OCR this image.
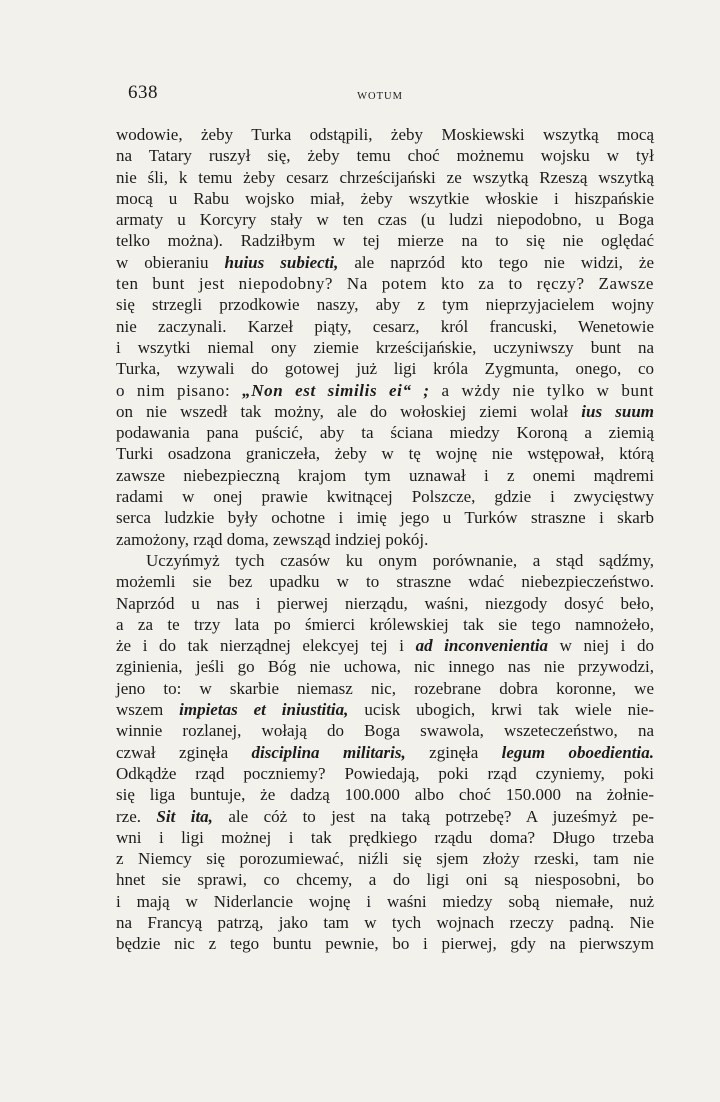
638	WOTUM
wodowie, żeby Turka odstąpili, żeby Moskiewski wszytką mocą
na Tatary ruszył się, żeby temu choć możnemu wojsku w tył
nie śli, k temu żeby cesarz chrześcijański ze wszytką Rzeszą wszytką
mocą u Rabu wojsko miał, żeby wszytkie włoskie i hiszpańskie
armaty u Korcyry stały w ten czas (u ludzi niepodobno, u Boga
telko można). Radziłbym w tej mierze na to się nie oględać
w obieraniu huius subiecti, ale naprzód kto tego nie widzi, że
ten bunt jest niepodobny? Na potem kto za to ręczy? Zawsze
się strzegli przodkowie naszy, aby z tym nieprzyjacielem wojny
nie zaczynali. Karzeł piąty, cesarz, król francuski, Wenetowie
i wszytki niemal ony ziemie krześcijańskie, uczyniwszy bunt na
Turka, wzywali do gotowej już ligi króla Zygmunta, onego, co
o nim pisano: „Non est similis ei“ ; a wżdy nie tylko w bunt
on nie wszedł tak możny, ale do wołoskiej ziemi wolał ius suum
podawania pana puścić, aby ta ściana miedzy Koroną a ziemią
Turki osadzona graniczeła, żeby w tę wojnę nie wstępował, którą
zawsze niebezpieczną krajom tym uznawał i z onemi mądremi
radami w onej prawie kwitnącej Polszcze, gdzie i zwycięstwy
serca ludzkie były ochotne i imię jego u Turków straszne i skarb
zamożony, rząd doma, zewsząd indziej pokój.
Uczyńmyż tych czasów ku onym porównanie, a stąd sądźmy,
możemli sie bez upadku w to straszne wdać niebezpieczeństwo.
Naprzód u nas i pierwej nierządu, waśni, niezgody dosyć beło,
a za te trzy lata po śmierci królewskiej tak sie tego namnożeło,
że i do tak nierządnej elekcyej tej i ad inconvenientia w niej i do
zginienia, jeśli go Bóg nie uchowa, nic innego nas nie przywodzi,
jeno to: w skarbie niemasz nic, rozebrane dobra koronne, we
wszem impietas et iniustitia, ucisk ubogich, krwi tak wiele nie-
winnie rozlanej, wołają do Boga swawola, wszeteczeństwo, na
czwał zginęła disciplina militaris, zginęła legum oboedientia.
Odkądże rząd poczniemy? Powiedają, poki rząd czyniemy, poki
się liga buntuje, że dadzą 100.000 albo choć 150.000 na żołnie-
rze. Sit ita, ale cóż to jest na taką potrzebę? A juześmyż pe-
wni i ligi możnej i tak prędkiego rządu doma? Długo trzeba
z Niemcy się porozumiewać, niźli się sjem złoży rzeski, tam nie
hnet sie sprawi, co chcemy, a do ligi oni są niesposobni, bo
i mają w Niderlancie wojnę i waśni miedzy sobą niemałe, nuż
na Francyą patrzą, jako tam w tych wojnach rzeczy padną. Nie
będzie nic z tego buntu pewnie, bo i pierwej, gdy na pierwszym
